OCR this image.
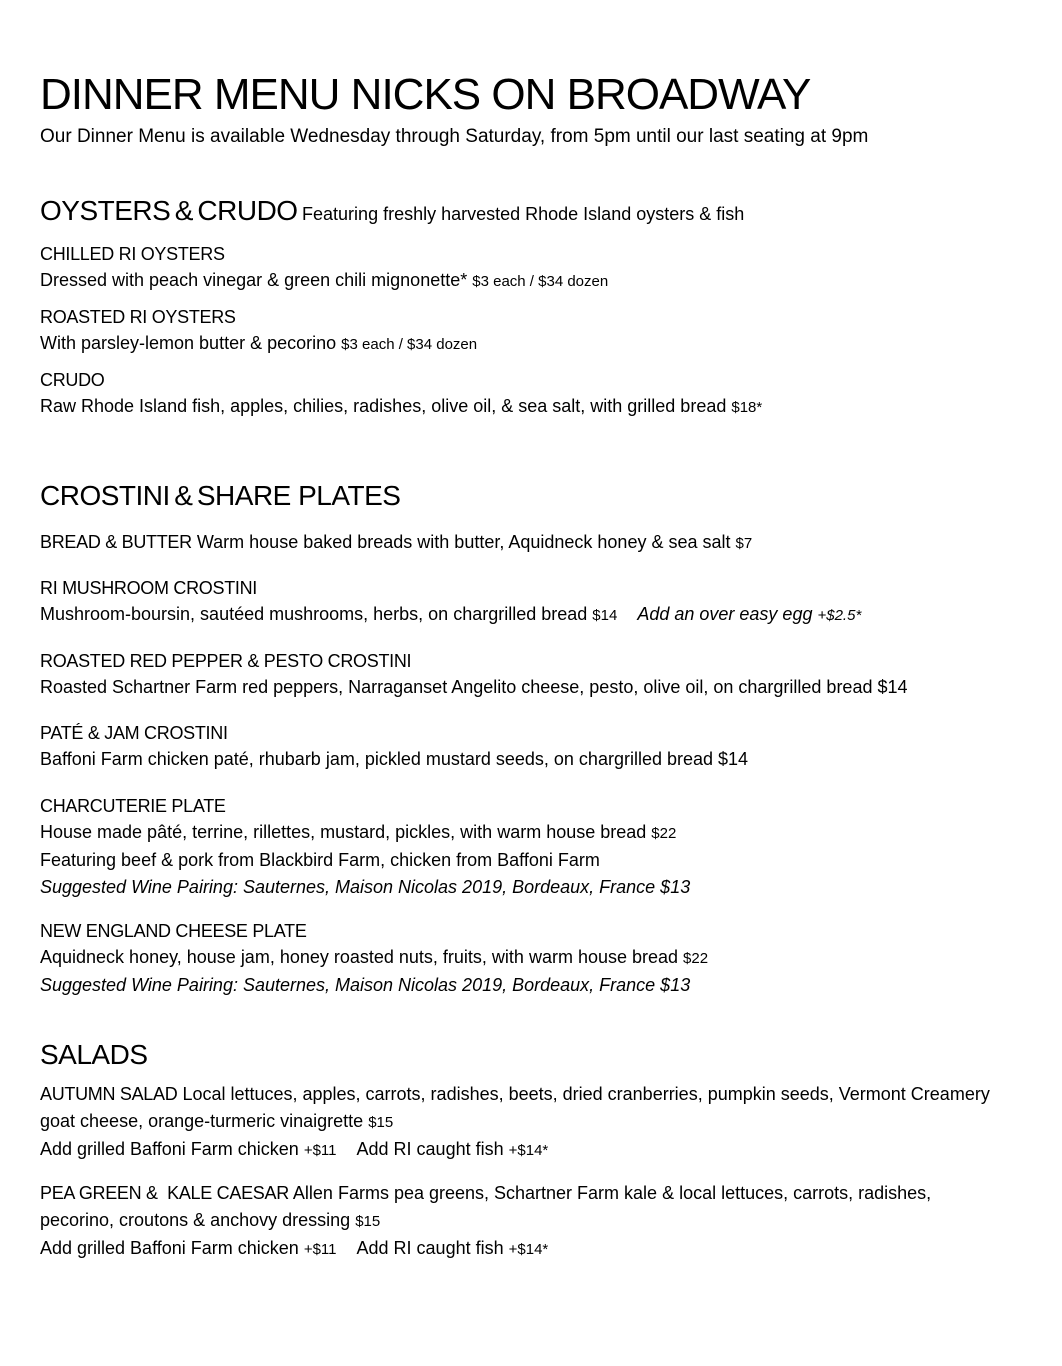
DINNER MENU NICKS ON BROADWAY
Our Dinner Menu is available Wednesday through Saturday, from 5pm until our last seating at 9pm
OYSTERS & CRUDO Featuring freshly harvested Rhode Island oysters & fish
CHILLED RI OYSTERS
Dressed with peach vinegar & green chili mignonette* $3 each / $34 dozen
ROASTED RI OYSTERS
With parsley-lemon butter & pecorino $3 each / $34 dozen
CRUDO
Raw Rhode Island fish, apples, chilies, radishes, olive oil, & sea salt, with grilled bread $18*
CROSTINI & SHARE PLATES
BREAD & BUTTER Warm house baked breads with butter, Aquidneck honey & sea salt $7
RI MUSHROOM CROSTINI
Mushroom-boursin, sautéed mushrooms, herbs, on chargrilled bread $14 Add an over easy egg +$2.5*
ROASTED RED PEPPER & PESTO CROSTINI
Roasted Schartner Farm red peppers, Narraganset Angelito cheese, pesto, olive oil, on chargrilled bread $14
PATÉ & JAM CROSTINI
Baffoni Farm chicken paté, rhubarb jam, pickled mustard seeds, on chargrilled bread $14
CHARCUTERIE PLATE
House made pâté, terrine, rillettes, mustard, pickles, with warm house bread $22
Featuring beef & pork from Blackbird Farm, chicken from Baffoni Farm
Suggested Wine Pairing: Sauternes, Maison Nicolas 2019, Bordeaux, France $13
NEW ENGLAND CHEESE PLATE
Aquidneck honey, house jam, honey roasted nuts, fruits, with warm house bread $22
Suggested Wine Pairing: Sauternes, Maison Nicolas 2019, Bordeaux, France $13
SALADS
AUTUMN SALAD Local lettuces, apples, carrots, radishes, beets, dried cranberries, pumpkin seeds, Vermont Creamery goat cheese, orange-turmeric vinaigrette $15
Add grilled Baffoni Farm chicken +$11 Add RI caught fish +$14*
PEA GREEN &  KALE CAESAR Allen Farms pea greens, Schartner Farm kale & local lettuces, carrots, radishes, pecorino, croutons & anchovy dressing $15
Add grilled Baffoni Farm chicken +$11 Add RI caught fish +$14*
